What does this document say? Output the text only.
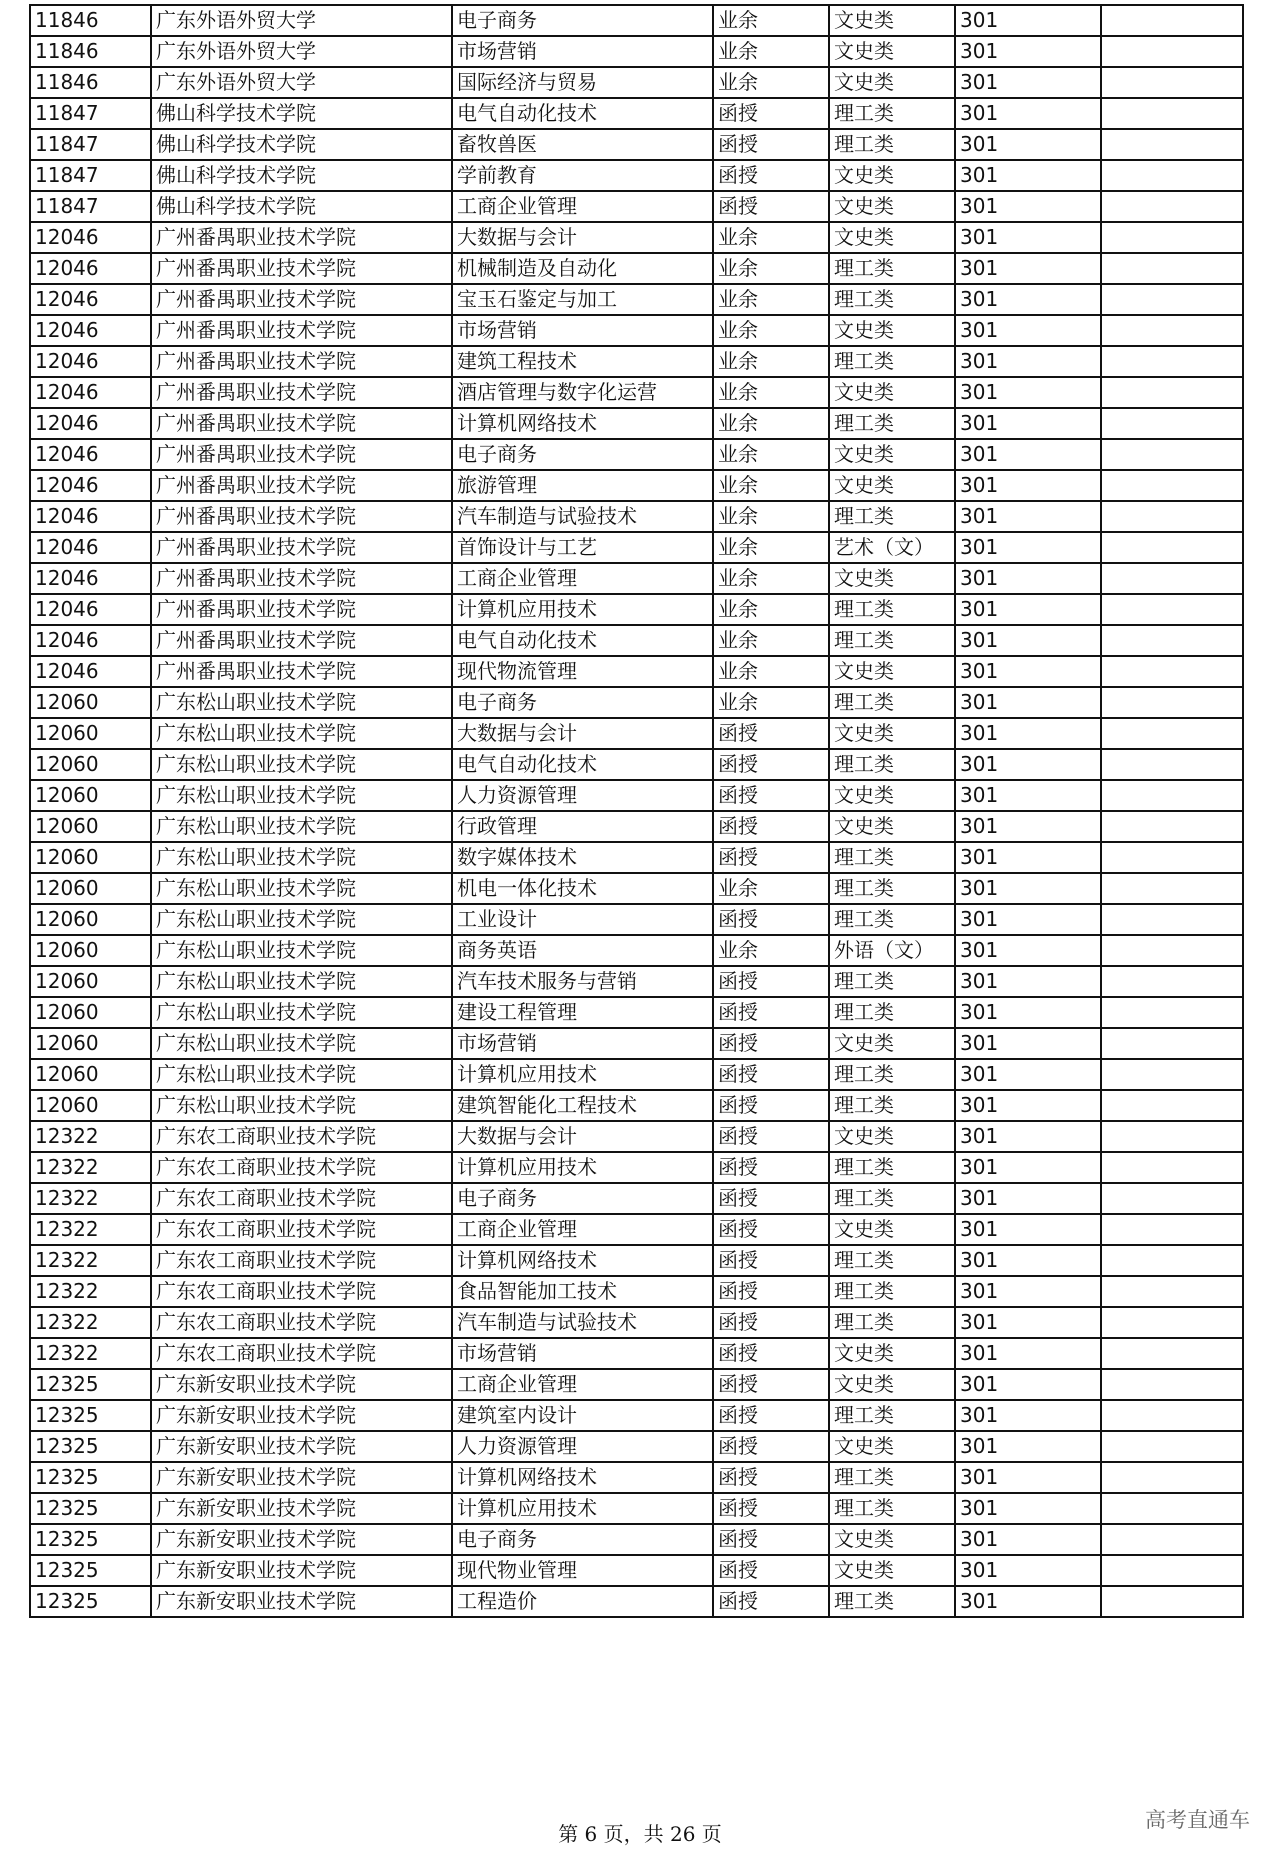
11846	广东外语外贸大学	电子商务	业余	文史类	301	
11846	广东外语外贸大学	市场营销	业余	文史类	301	
11846	广东外语外贸大学	国际经济与贸易	业余	文史类	301	
11847	佛山科学技术学院	电气自动化技术	函授	理工类	301	
11847	佛山科学技术学院	畜牧兽医	函授	理工类	301	
11847	佛山科学技术学院	学前教育	函授	文史类	301	
11847	佛山科学技术学院	工商企业管理	函授	文史类	301	
12046	广州番禺职业技术学院	大数据与会计	业余	文史类	301	
12046	广州番禺职业技术学院	机械制造及自动化	业余	理工类	301	
12046	广州番禺职业技术学院	宝玉石鉴定与加工	业余	理工类	301	
12046	广州番禺职业技术学院	市场营销	业余	文史类	301	
12046	广州番禺职业技术学院	建筑工程技术	业余	理工类	301	
12046	广州番禺职业技术学院	酒店管理与数字化运营	业余	文史类	301	
12046	广州番禺职业技术学院	计算机网络技术	业余	理工类	301	
12046	广州番禺职业技术学院	电子商务	业余	文史类	301	
12046	广州番禺职业技术学院	旅游管理	业余	文史类	301	
12046	广州番禺职业技术学院	汽车制造与试验技术	业余	理工类	301	
12046	广州番禺职业技术学院	首饰设计与工艺	业余	艺术（文）	301	
12046	广州番禺职业技术学院	工商企业管理	业余	文史类	301	
12046	广州番禺职业技术学院	计算机应用技术	业余	理工类	301	
12046	广州番禺职业技术学院	电气自动化技术	业余	理工类	301	
12046	广州番禺职业技术学院	现代物流管理	业余	文史类	301	
12060	广东松山职业技术学院	电子商务	业余	理工类	301	
12060	广东松山职业技术学院	大数据与会计	函授	文史类	301	
12060	广东松山职业技术学院	电气自动化技术	函授	理工类	301	
12060	广东松山职业技术学院	人力资源管理	函授	文史类	301	
12060	广东松山职业技术学院	行政管理	函授	文史类	301	
12060	广东松山职业技术学院	数字媒体技术	函授	理工类	301	
12060	广东松山职业技术学院	机电一体化技术	业余	理工类	301	
12060	广东松山职业技术学院	工业设计	函授	理工类	301	
12060	广东松山职业技术学院	商务英语	业余	外语（文）	301	
12060	广东松山职业技术学院	汽车技术服务与营销	函授	理工类	301	
12060	广东松山职业技术学院	建设工程管理	函授	理工类	301	
12060	广东松山职业技术学院	市场营销	函授	文史类	301	
12060	广东松山职业技术学院	计算机应用技术	函授	理工类	301	
12060	广东松山职业技术学院	建筑智能化工程技术	函授	理工类	301	
12322	广东农工商职业技术学院	大数据与会计	函授	文史类	301	
12322	广东农工商职业技术学院	计算机应用技术	函授	理工类	301	
12322	广东农工商职业技术学院	电子商务	函授	理工类	301	
12322	广东农工商职业技术学院	工商企业管理	函授	文史类	301	
12322	广东农工商职业技术学院	计算机网络技术	函授	理工类	301	
12322	广东农工商职业技术学院	食品智能加工技术	函授	理工类	301	
12322	广东农工商职业技术学院	汽车制造与试验技术	函授	理工类	301	
12322	广东农工商职业技术学院	市场营销	函授	文史类	301	
12325	广东新安职业技术学院	工商企业管理	函授	文史类	301	
12325	广东新安职业技术学院	建筑室内设计	函授	理工类	301	
12325	广东新安职业技术学院	人力资源管理	函授	文史类	301	
12325	广东新安职业技术学院	计算机网络技术	函授	理工类	301	
12325	广东新安职业技术学院	计算机应用技术	函授	理工类	301	
12325	广东新安职业技术学院	电子商务	函授	文史类	301	
12325	广东新安职业技术学院	现代物业管理	函授	文史类	301	
12325	广东新安职业技术学院	工程造价	函授	理工类	301	
第 6 页，共 26 页
高考直通车
